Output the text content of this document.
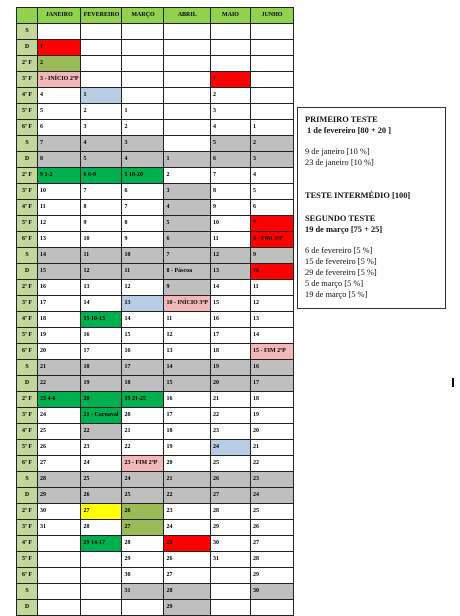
	JANEIRO	FEVEREIRO	MARÇO	ABRIL	MAIO	JUNHO
S						
D	1					
2ª F	2					
3ª F	3 - INÍCIO 2ºP				1	
4ª F	4	1			2	
5ª F	5	2	1		3	
6ª F	6	3	2		4	1
S	7	4	3		5	2
D	8	5	4	1	6	3
2ª F	9 1-2	6 6-9	5 18-20	2	7	4
3ª F	10	7	6	3	8	5
4ª F	11	8	7	4	9	6
5ª F	12	9	8	5	10	7
6ª F	13	10	9	6	11	8 - FIM 3ºP
S	14	11	10	7	12	9
D	15	12	11	8 - Páscoa	13	10
2ª F	16	13	12	9	14	11
3ª F	17	14	13	10 - INÍCIO 3ºP	15	12
4ª F	18	15 10-13	14	11	16	13
5ª F	19	16	15	12	17	14
6ª F	20	17	16	13	18	15 - FIM 2ºP
S	21	18	17	14	19	16
D	22	19	18	15	20	17
2ª F	23 4-6	20	19 21-25	16	21	18
3ª F	24	21 - Carnaval	20	17	22	19
4ª F	25	22	21	18	23	20
5ª F	26	23	22	19	24	21
6ª F	27	24	23 - FIM 2ºP	20	25	22
S	28	25	24	21	26	23
D	29	26	25	22	27	24
2ª F	30	27	26	23	28	25
3ª F	31	28	27	24	29	26
4ª F		29 14-17	28	25	30	27
5ª F			29	26	31	28
6ª F			30	27		29
S			31	28		30
D				29		
PRIMEIRO TESTE
1 de fevereiro [80 + 20 ]
9 de janeiro [10 %]
23 de janeiro [10 %]
TESTE INTERMÉDIO [100]
SEGUNDO TESTE
19 de março [75 + 25]
6 de fevereiro [5 %]
15 de fevereiro [5 %]
29 de fevereiro [5 %]
5 de março [5 %]
19 de março [5 %]
